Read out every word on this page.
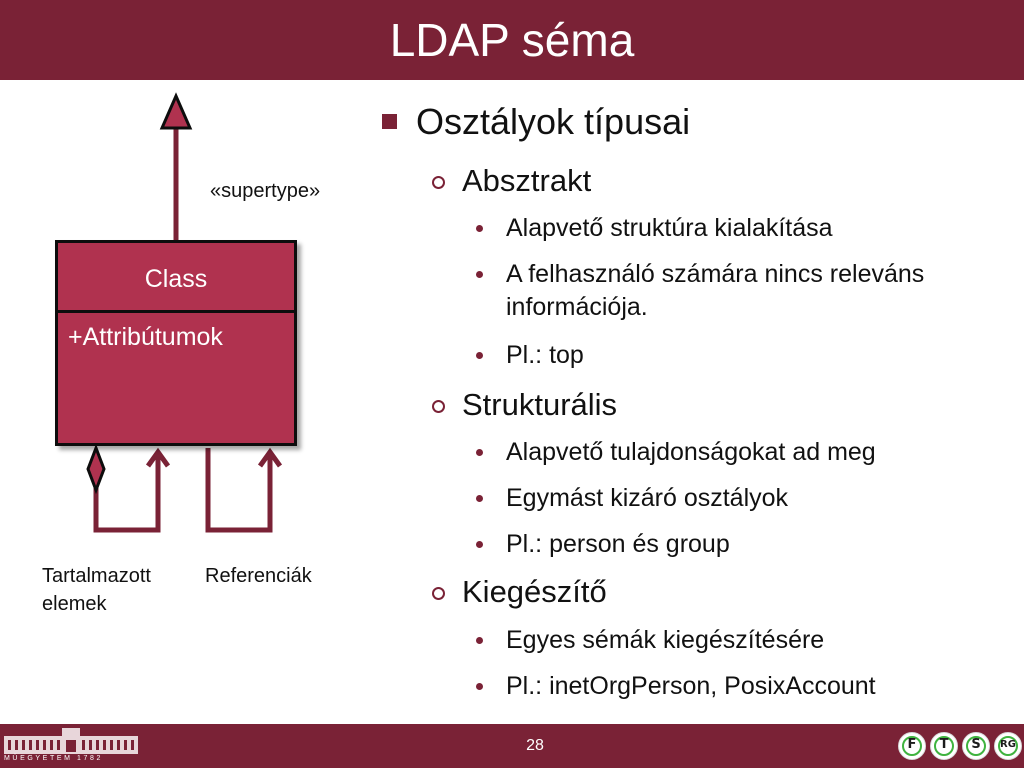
LDAP séma
«supertype»
Class
+Attribútumok
Tartalmazott elemek
Referenciák
Osztályok típusai
Absztrakt
Alapvető struktúra kialakítása
A felhasználó számára nincs releváns információja.
Pl.: top
Strukturális
Alapvető tulajdonságokat ad meg
Egymást kizáró osztályok
Pl.: person és group
Kiegészítő
Egyes sémák kiegészítésére
Pl.: inetOrgPerson, PosixAccount
MŰEGYETEM 1782
28	F	T	S	RG
